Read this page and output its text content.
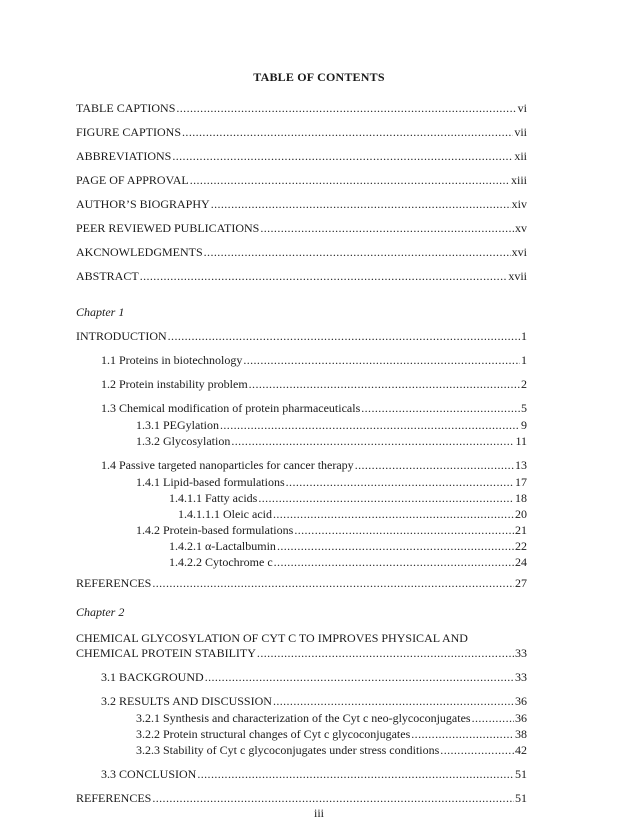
TABLE OF CONTENTS
TABLE CAPTIONS .....	vi
FIGURE CAPTIONS .....	vii
ABBREVIATIONS .....	xii
PAGE OF APPROVAL .....	xiii
AUTHOR’S BIOGRAPHY .....	xiv
PEER REVIEWED PUBLICATIONS .....	xv
AKCNOWLEDGMENTS .....	xvi
ABSTRACT .....	xvii
Chapter 1
INTRODUCTION .....	1
1.1 Proteins in biotechnology .....	1
1.2 Protein instability problem .....	2
1.3 Chemical modification of protein pharmaceuticals .....	5
1.3.1 PEGylation .....	9
1.3.2 Glycosylation .....	11
1.4 Passive targeted nanoparticles for cancer therapy .....	13
1.4.1 Lipid-based formulations .....	17
1.4.1.1 Fatty acids .....	18
1.4.1.1.1 Oleic acid .....	20
1.4.2 Protein-based formulations .....	21
1.4.2.1 α-Lactalbumin .....	22
1.4.2.2 Cytochrome c .....	24
REFERENCES .....	27
Chapter 2
CHEMICAL GLYCOSYLATION OF CYT C TO IMPROVES PHYSICAL AND
CHEMICAL PROTEIN STABILITY .....	33
3.1 BACKGROUND .....	33
3.2 RESULTS AND DISCUSSION .....	36
3.2.1 Synthesis and characterization of the Cyt c neo-glycoconjugates .....	36
3.2.2 Protein structural changes of Cyt c glycoconjugates .....	38
3.2.3 Stability of Cyt c glycoconjugates under stress conditions .....	42
3.3 CONCLUSION .....	51
REFERENCES .....	51
iii
